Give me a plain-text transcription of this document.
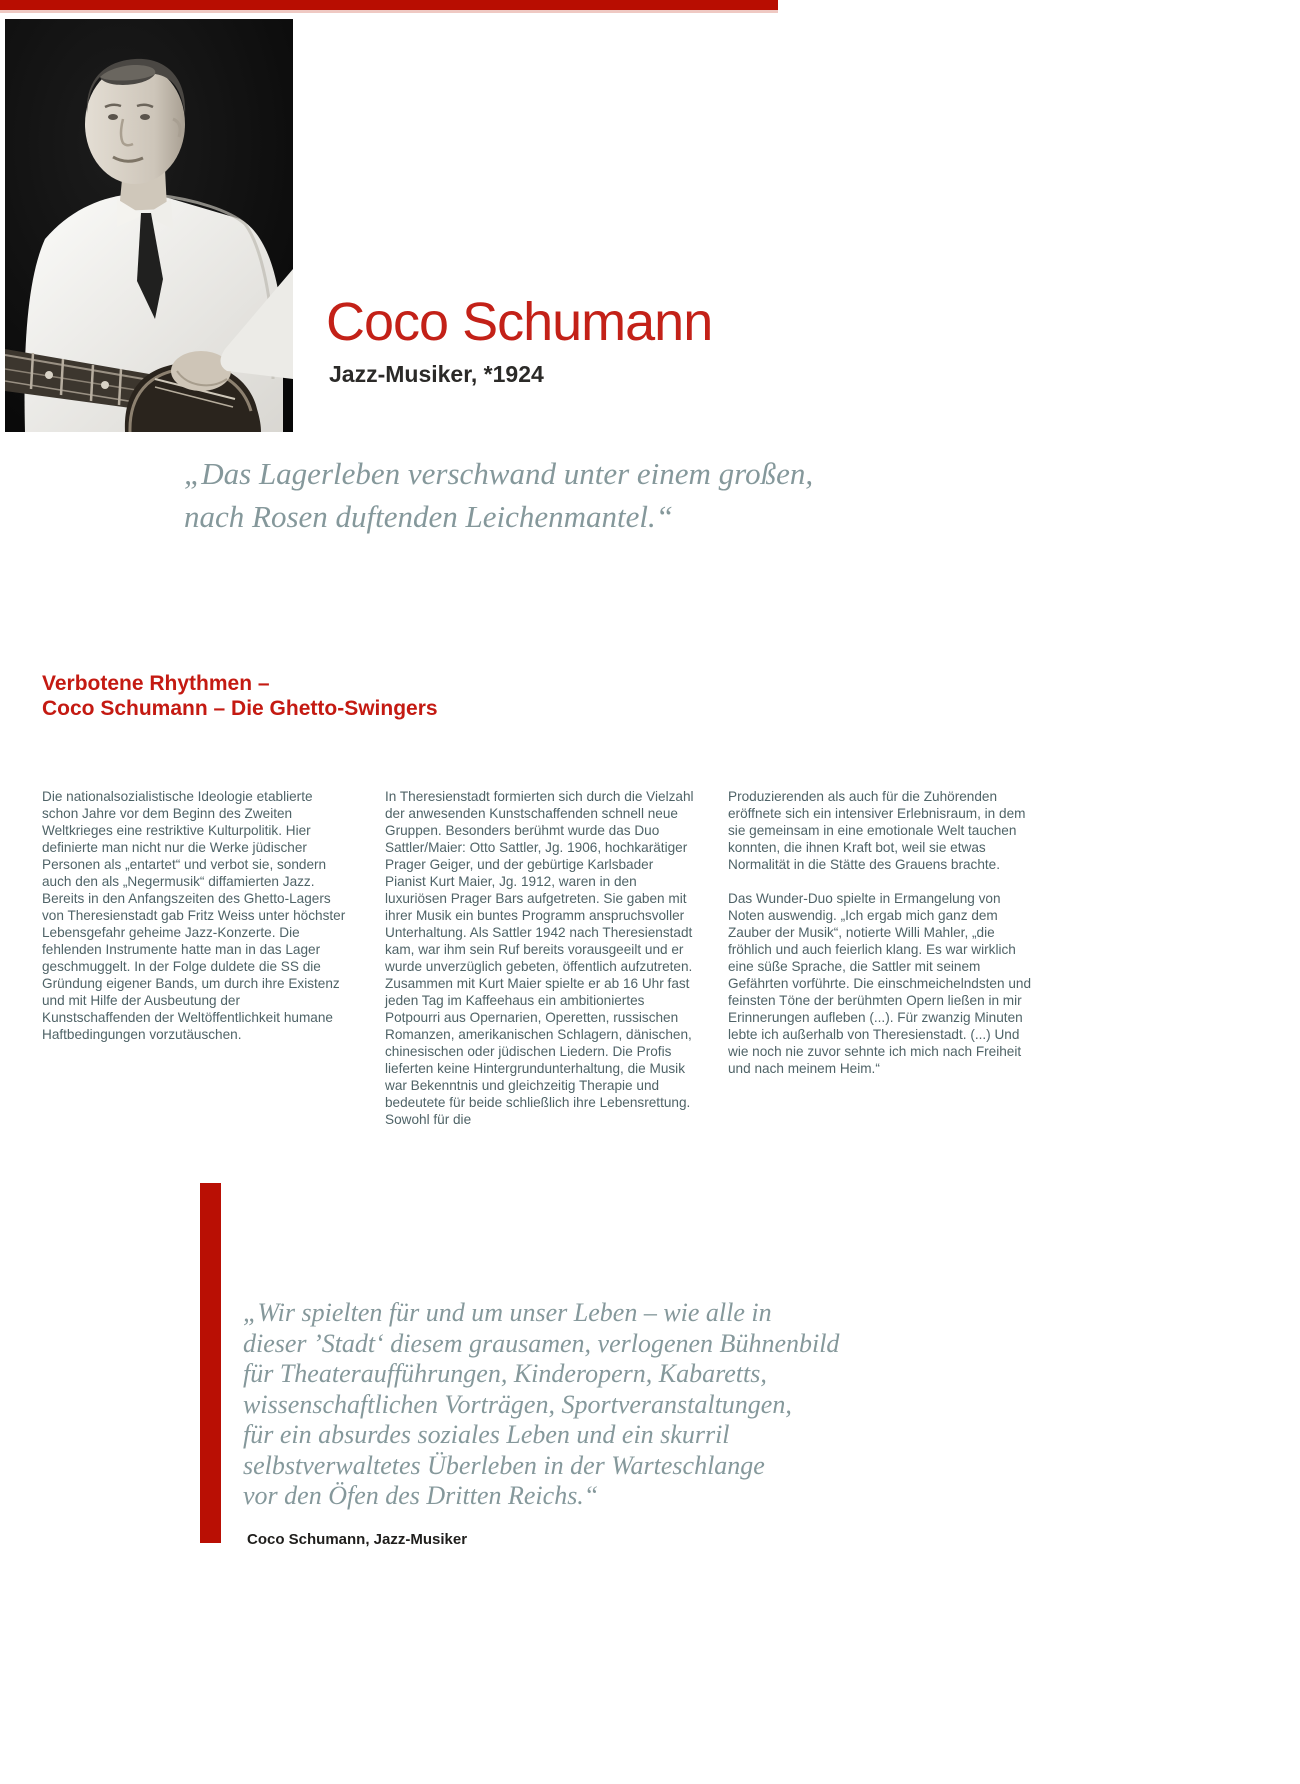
Coco Schumann
Jazz-Musiker, *1924
„Das Lagerleben verschwand unter einem großen,
nach Rosen duftenden Leichenmantel.“
Verbotene Rhythmen –
Coco Schumann – Die Ghetto-Swingers

Die nationalsozialistische Ideologie etablierte schon Jahre vor dem Beginn des Zweiten Weltkrieges eine restriktive Kulturpolitik. Hier definierte man nicht nur die Werke jüdischer Personen als „entartet“ und verbot sie, sondern auch den als „Negermusik“ diffamierten Jazz. Bereits in den Anfangszeiten des Ghetto-Lagers von Theresienstadt gab Fritz Weiss unter höchster Lebensgefahr geheime Jazz-Konzerte. Die fehlenden Instrumente hatte man in das Lager geschmuggelt. In der Folge duldete die SS die Gründung eigener Bands, um durch ihre Existenz und mit Hilfe der Ausbeutung der Kunstschaffenden der Weltöffentlichkeit humane Haftbedingungen vorzutäuschen.

In Theresienstadt formierten sich durch die Vielzahl der anwesenden Kunstschaffenden schnell neue Gruppen. Besonders berühmt wurde das Duo Sattler/Maier: Otto Sattler, Jg. 1906, hochkarätiger Prager Geiger, und der gebürtige Karlsbader Pianist Kurt Maier, Jg. 1912, waren in den luxuriösen Prager Bars aufgetreten. Sie gaben mit ihrer Musik ein buntes Programm anspruchsvoller Unterhaltung. Als Sattler 1942 nach Theresienstadt kam, war ihm sein Ruf bereits vorausgeeilt und er wurde unverzüglich gebeten, öffentlich aufzutreten. Zusammen mit Kurt Maier spielte er ab 16 Uhr fast jeden Tag im Kaffeehaus ein ambitioniertes Potpourri aus Opernarien, Operetten, russischen Romanzen, amerikanischen Schlagern, dänischen, chinesischen oder jüdischen Liedern. Die Profis lieferten keine Hintergrundunterhaltung, die Musik war Bekenntnis und gleichzeitig Therapie und bedeutete für beide schließlich ihre Lebensrettung. Sowohl für die

Produzierenden als auch für die Zuhörenden eröffnete sich ein intensiver Erlebnisraum, in dem sie gemeinsam in eine emotionale Welt tauchen konnten, die ihnen Kraft bot, weil sie etwas Normalität in die Stätte des Grauens brachte.

Das Wunder-Duo spielte in Ermangelung von Noten auswendig. „Ich ergab mich ganz dem Zauber der Musik“, notierte Willi Mahler, „die fröhlich und auch feierlich klang. Es war wirklich eine süße Sprache, die Sattler mit seinem Gefährten vorführte. Die einschmeichelndsten und feinsten Töne der berühmten Opern ließen in mir Erinnerungen aufleben (...). Für zwanzig Minuten lebte ich außerhalb von Theresienstadt. (...) Und wie noch nie zuvor sehnte ich mich nach Freiheit und nach meinem Heim.“

„Wir spielten für und um unser Leben – wie alle in
dieser ’Stadt‘ diesem grausamen, verlogenen Bühnenbild
für Theateraufführungen, Kinderopern, Kabaretts,
wissenschaftlichen Vorträgen, Sportveranstaltungen,
für ein absurdes soziales Leben und ein skurril
selbstverwaltetes Überleben in der Warteschlange
vor den Öfen des Dritten Reichs.“
Coco Schumann, Jazz-Musiker
